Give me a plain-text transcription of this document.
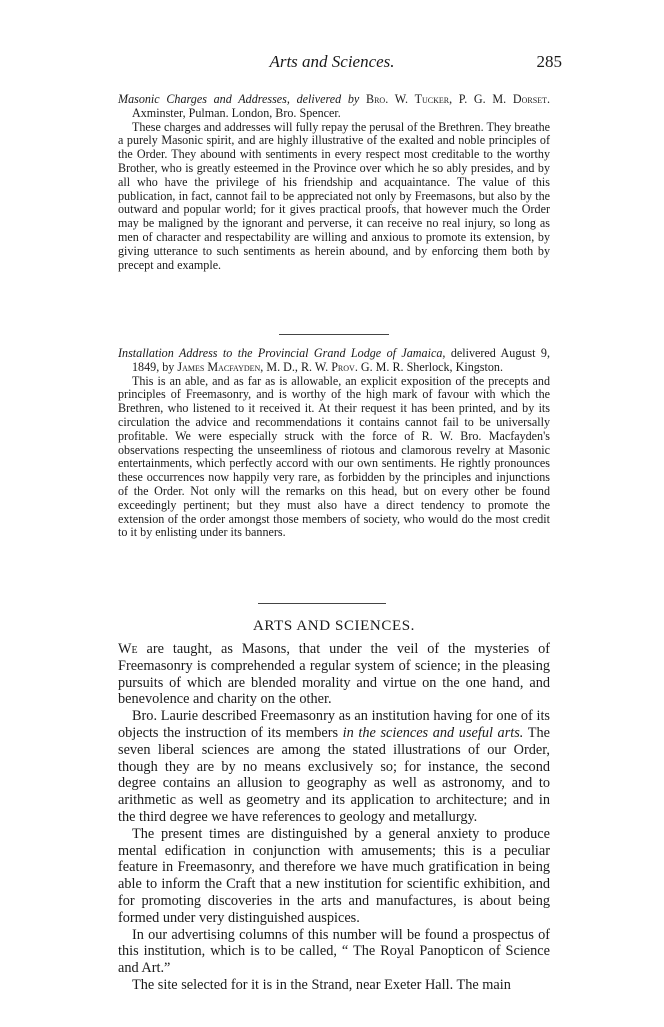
Arts and Sciences.	285
Masonic Charges and Addresses, delivered by Bro. W. Tucker, P. G. M. Dorset. Axminster, Pulman. London, Bro. Spencer.

These charges and addresses will fully repay the perusal of the Brethren. They breathe a purely Masonic spirit, and are highly illustrative of the exalted and noble principles of the Order. They abound with sentiments in every respect most creditable to the worthy Brother, who is greatly esteemed in the Province over which he so ably presides, and by all who have the privilege of his friendship and acquaintance. The value of this publication, in fact, cannot fail to be appreciated not only by Freemasons, but also by the outward and popular world; for it gives practical proofs, that however much the Order may be maligned by the ignorant and perverse, it can receive no real injury, so long as men of character and respectability are willing and anxious to promote its extension, by giving utterance to such sentiments as herein abound, and by enforcing them both by precept and example.

Installation Address to the Provincial Grand Lodge of Jamaica, delivered August 9, 1849, by James Macfayden, M. D., R. W. Prov. G. M. R. Sherlock, Kingston.

This is an able, and as far as is allowable, an explicit exposition of the precepts and principles of Freemasonry, and is worthy of the high mark of favour with which the Brethren, who listened to it received it. At their request it has been printed, and by its circulation the advice and recommendations it contains cannot fail to be universally profitable. We were especially struck with the force of R. W. Bro. Macfayden's observations respecting the unseemliness of riotous and clamorous revelry at Masonic entertainments, which perfectly accord with our own sentiments. He rightly pronounces these occurrences now happily very rare, as forbidden by the principles and injunctions of the Order. Not only will the remarks on this head, but on every other be found exceedingly pertinent; but they must also have a direct tendency to promote the extension of the order amongst those members of society, who would do the most credit to it by enlisting under its banners.

ARTS AND SCIENCES.

We are taught, as Masons, that under the veil of the mysteries of Freemasonry is comprehended a regular system of science; in the pleasing pursuits of which are blended morality and virtue on the one hand, and benevolence and charity on the other.

Bro. Laurie described Freemasonry as an institution having for one of its objects the instruction of its members in the sciences and useful arts. The seven liberal sciences are among the stated illustrations of our Order, though they are by no means exclusively so; for instance, the second degree contains an allusion to geography as well as astronomy, and to arithmetic as well as geometry and its application to architecture; and in the third degree we have references to geology and metallurgy.

The present times are distinguished by a general anxiety to produce mental edification in conjunction with amusements; this is a peculiar feature in Freemasonry, and therefore we have much gratification in being able to inform the Craft that a new institution for scientific exhibition, and for promoting discoveries in the arts and manufactures, is about being formed under very distinguished auspices.

In our advertising columns of this number will be found a prospectus of this institution, which is to be called, “ The Royal Panopticon of Science and Art.”

The site selected for it is in the Strand, near Exeter Hall. The main
